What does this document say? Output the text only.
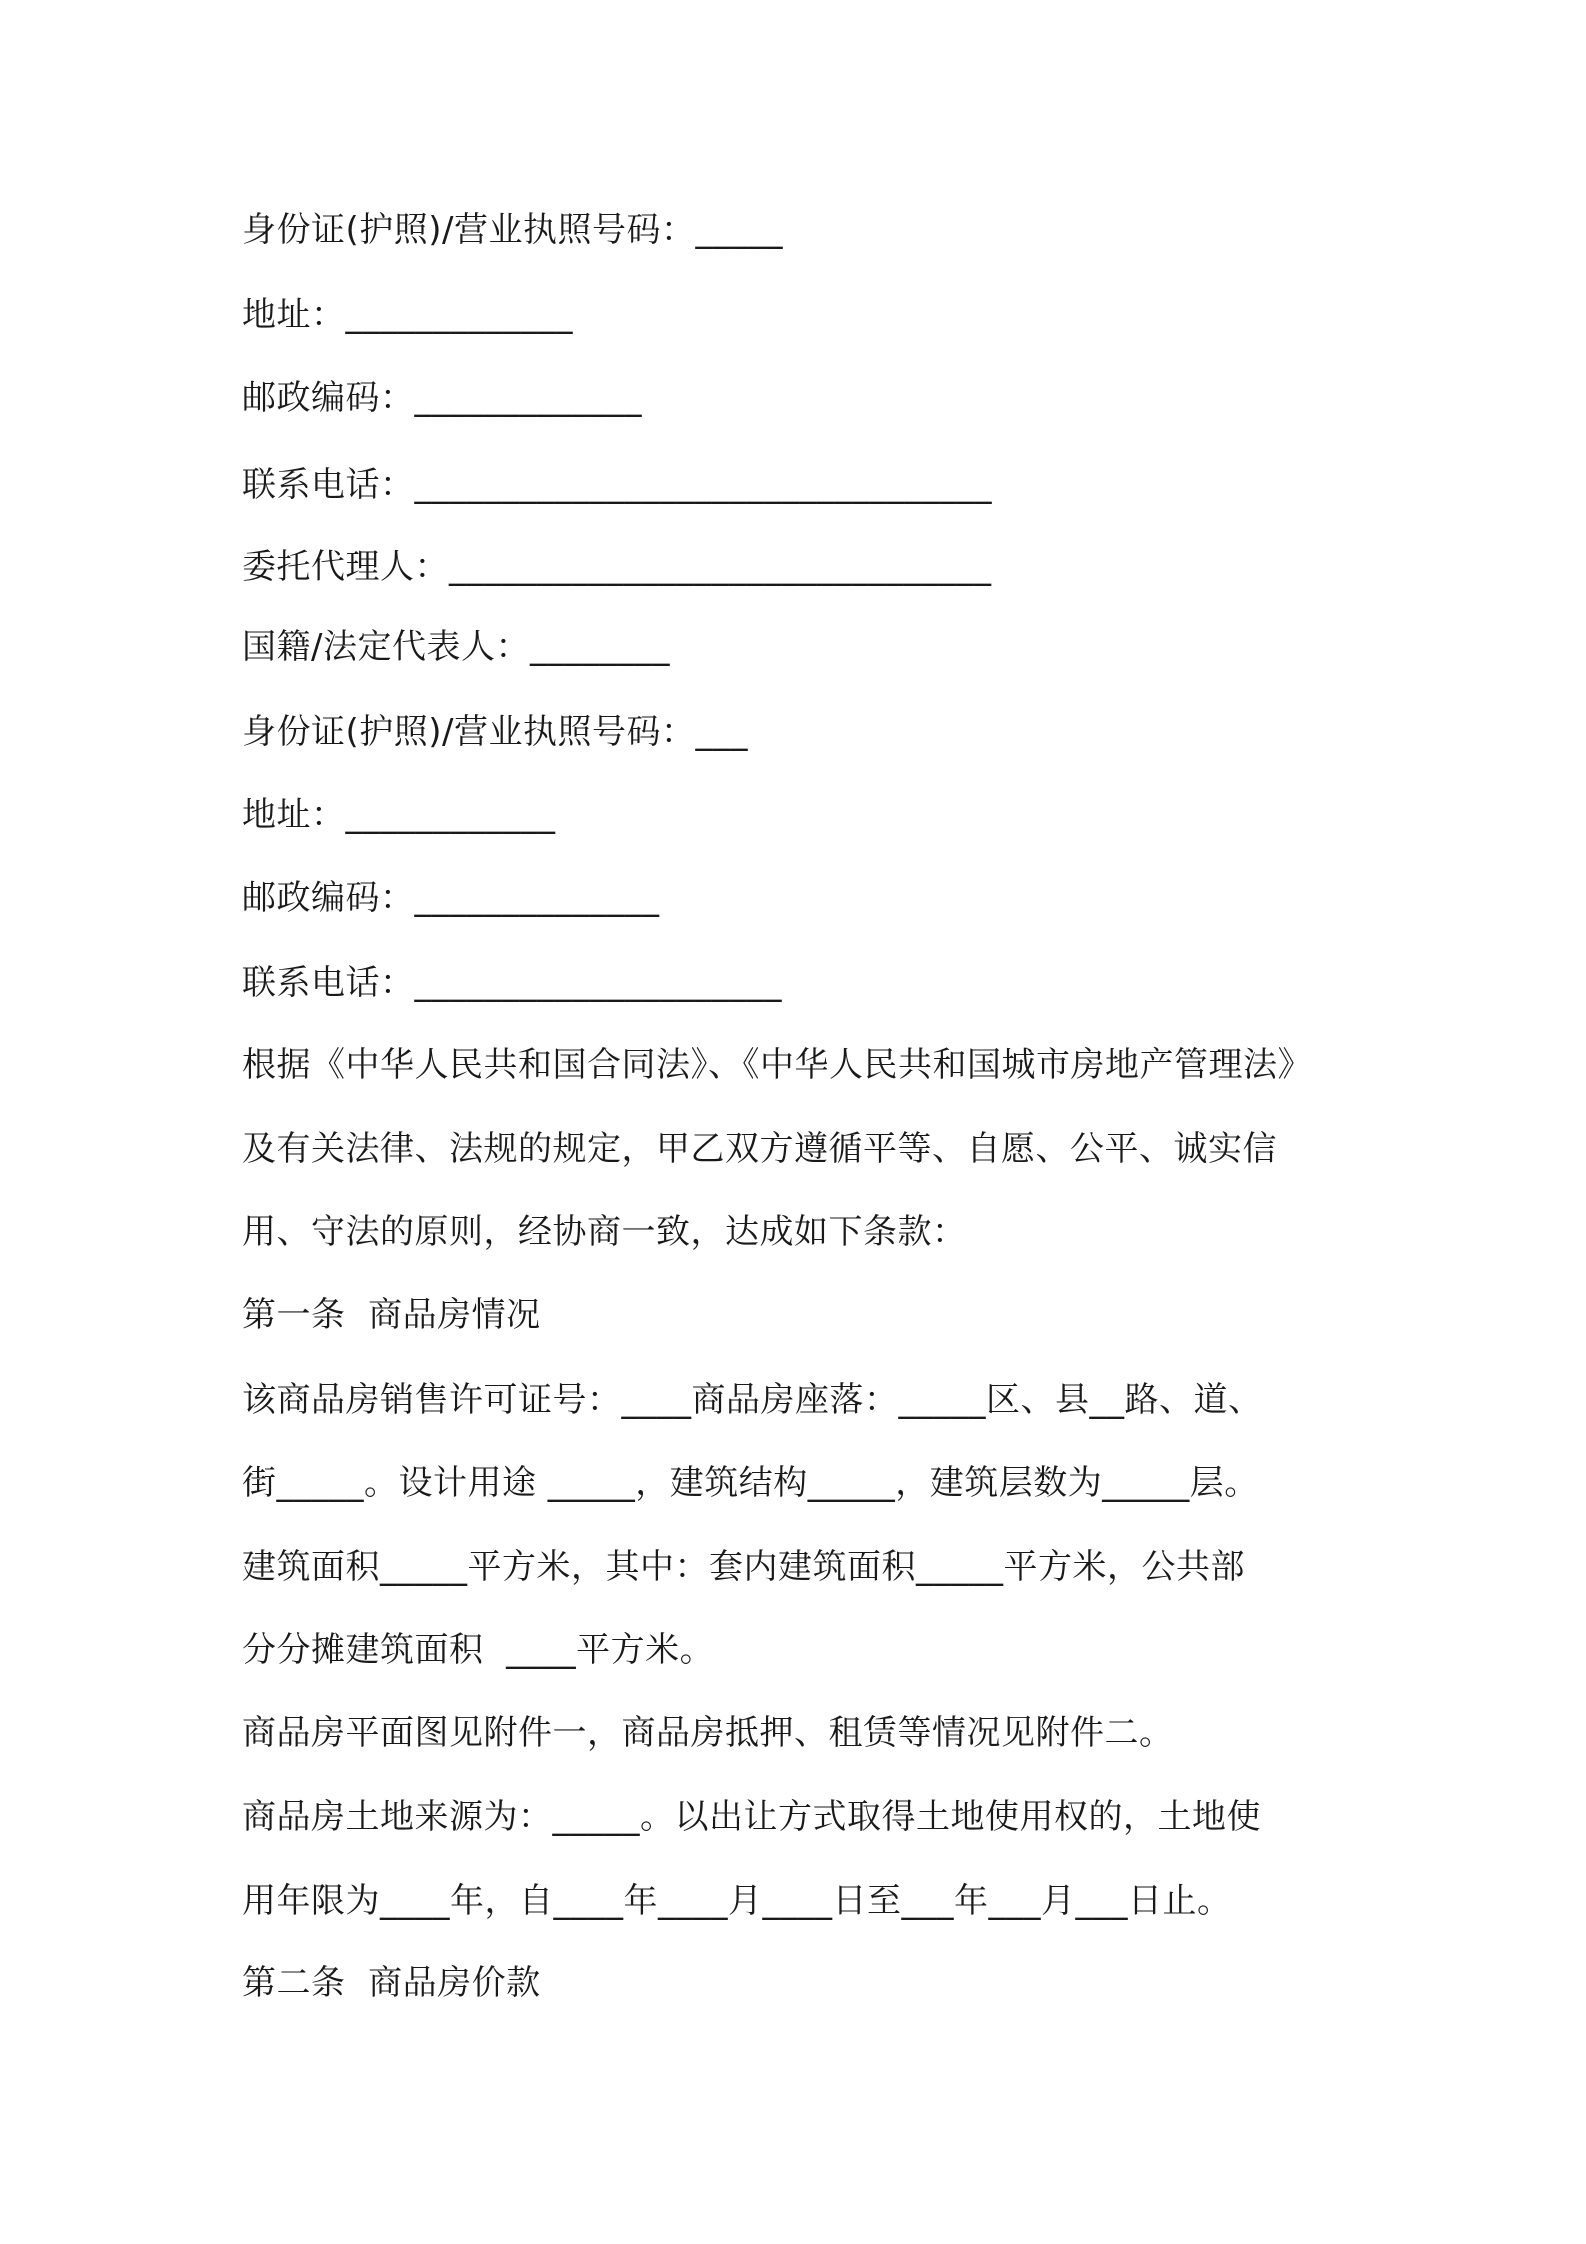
身份证(护照)/营业执照号码：_____

地址：_____________

邮政编码：_____________

联系电话：_________________________________

委托代理人：_______________________________

国籍/法定代表人：________

身份证(护照)/营业执照号码：___

地址：____________

邮政编码：______________

联系电话：_____________________

根据《中华人民共和国合同法》、《中华人民共和国城市房地产管理法》

及有关法律、法规的规定，甲乙双方遵循平等、自愿、公平、诚实信

用、守法的原则，经协商一致，达成如下条款：

第一条  商品房情况

该商品房销售许可证号：____商品房座落：_____区、县__路、道、

街_____。设计用途 _____，建筑结构_____，建筑层数为_____层。

建筑面积_____平方米，其中：套内建筑面积_____平方米，公共部

分分摊建筑面积  ____平方米。

商品房平面图见附件一，商品房抵押、租赁等情况见附件二。

商品房土地来源为：_____。以出让方式取得土地使用权的，土地使

用年限为____年，自____年____月____日至___年___月___日止。

第二条  商品房价款
